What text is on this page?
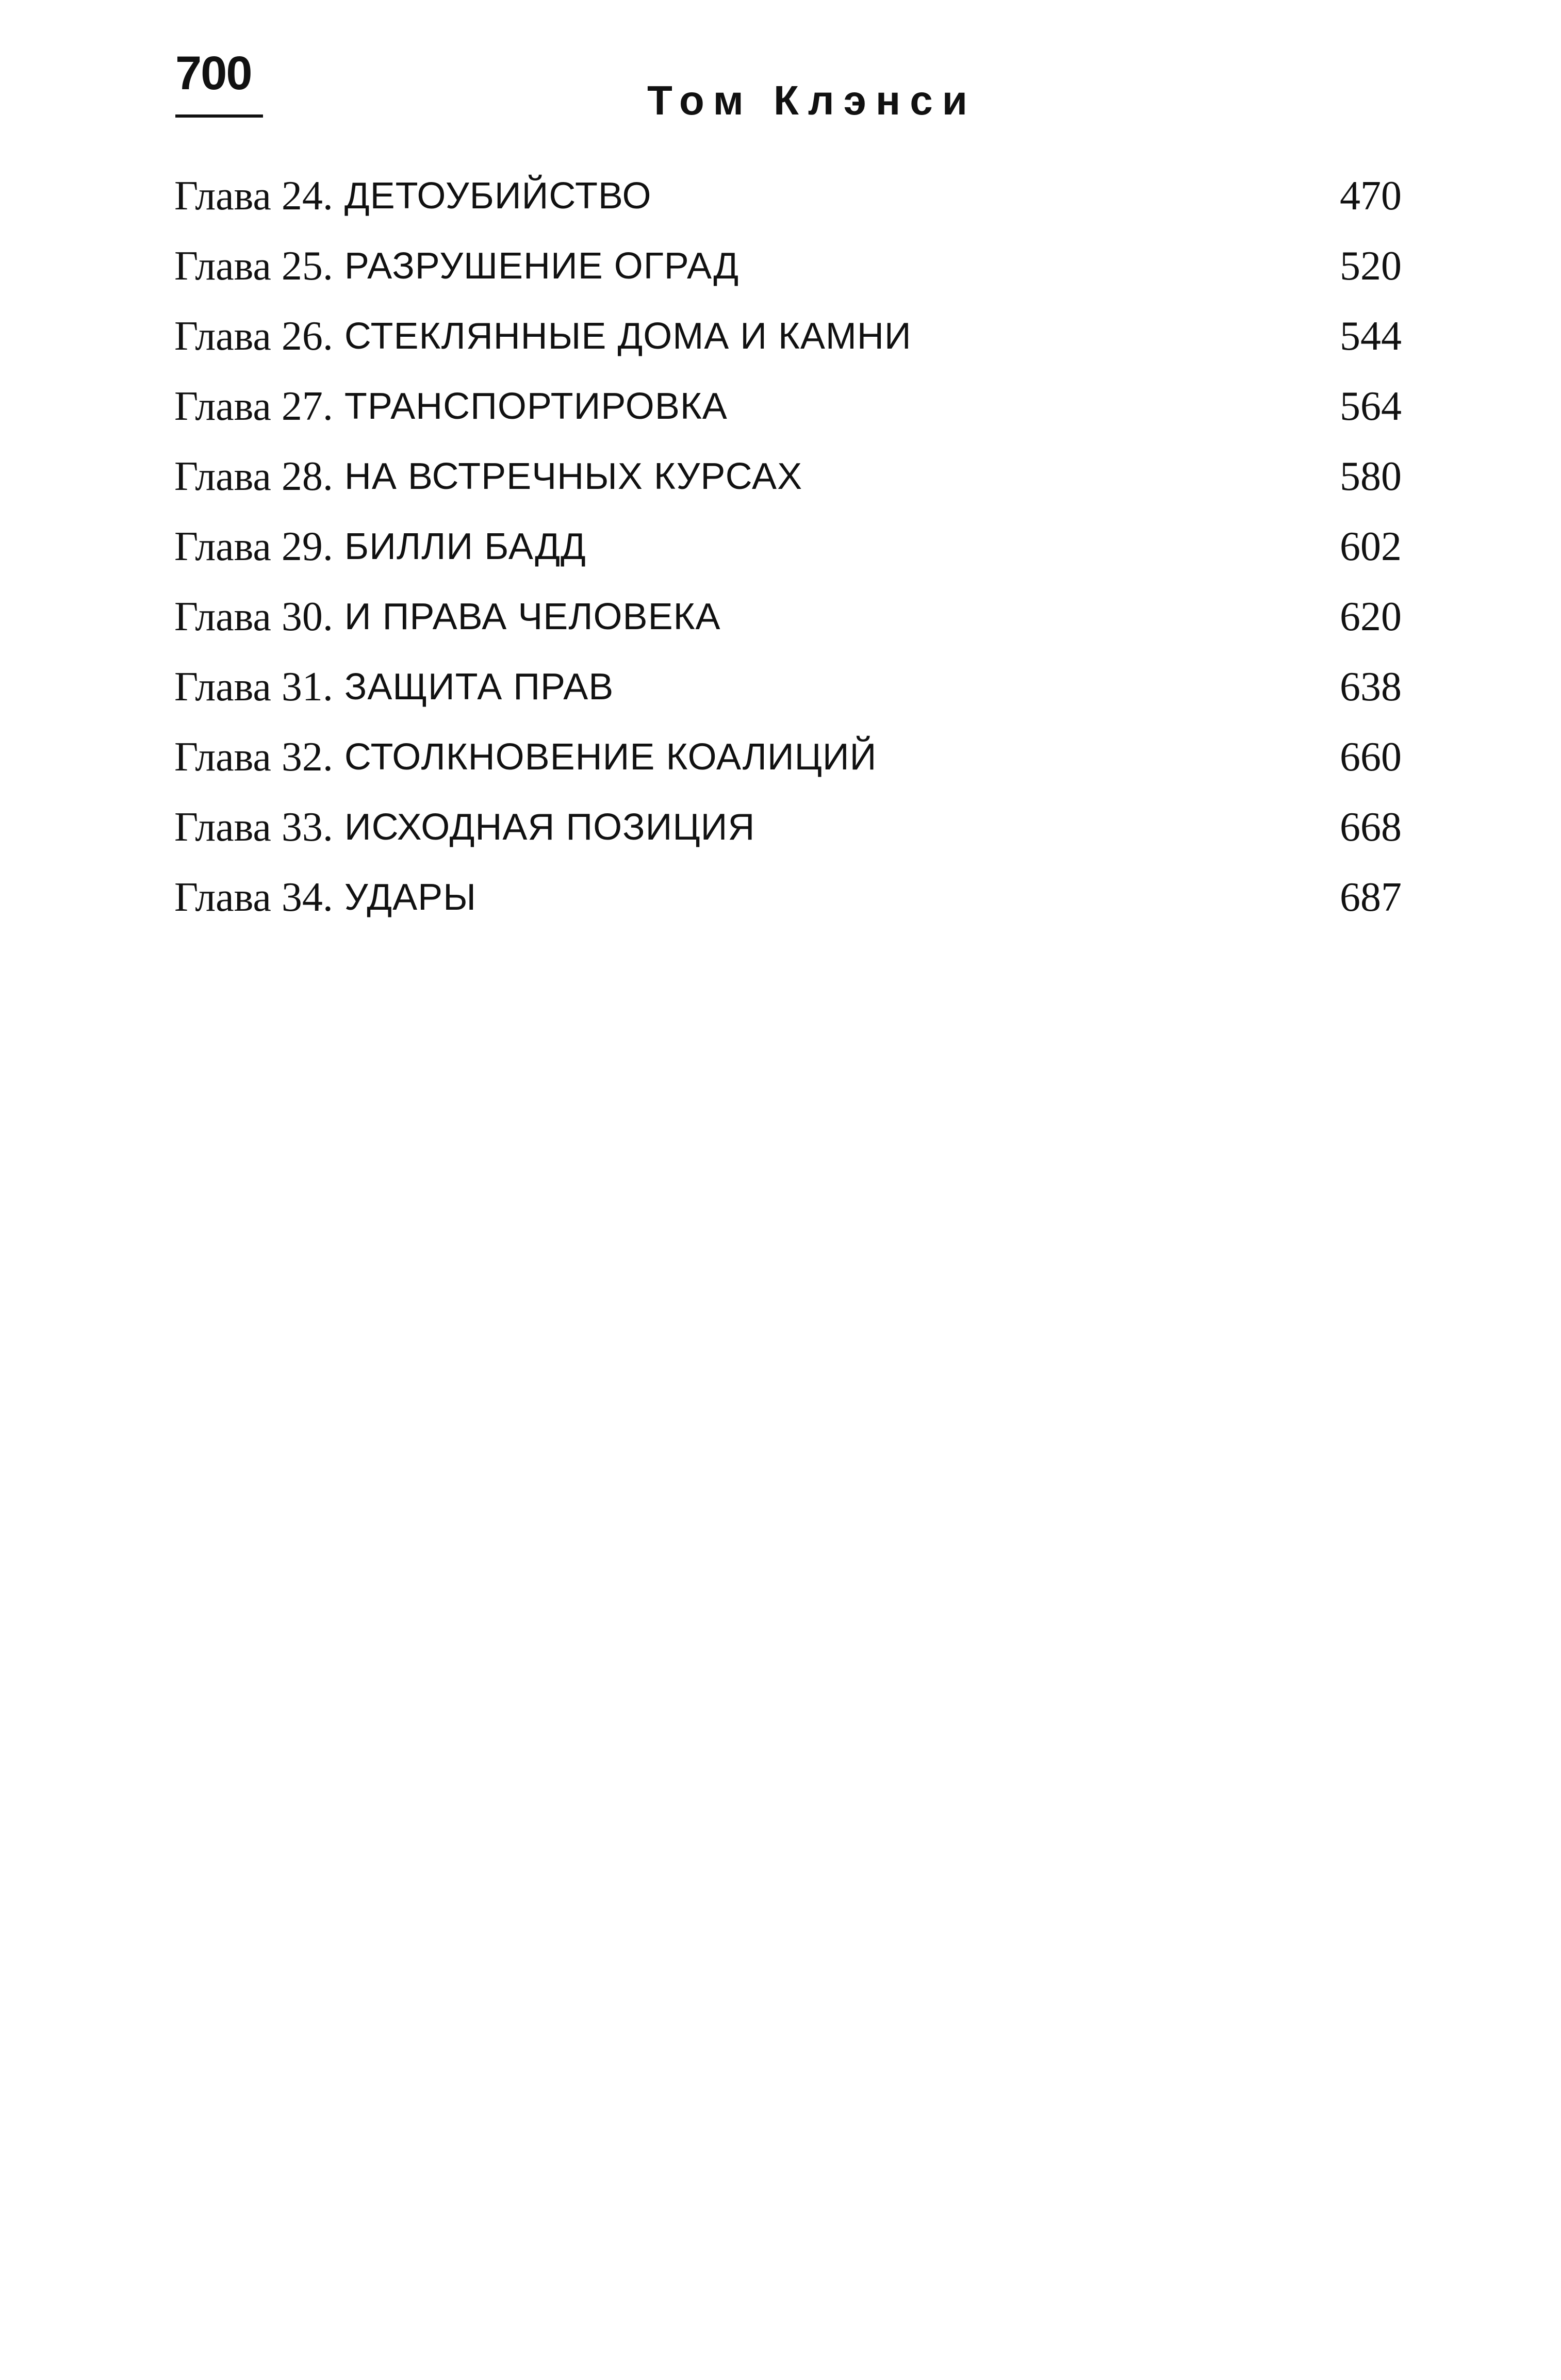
700
Том Клэнси
Глава 24. ДЕТОУБИЙСТВО	470
Глава 25. РАЗРУШЕНИЕ ОГРАД	520
Глава 26. СТЕКЛЯННЫЕ ДОМА И КАМНИ	544
Глава 27. ТРАНСПОРТИРОВКА	564
Глава 28. НА ВСТРЕЧНЫХ КУРСАХ	580
Глава 29. БИЛЛИ БАДД	602
Глава 30. И ПРАВА ЧЕЛОВЕКА	620
Глава 31. ЗАЩИТА ПРАВ	638
Глава 32. СТОЛКНОВЕНИЕ КОАЛИЦИЙ	660
Глава 33. ИСХОДНАЯ ПОЗИЦИЯ	668
Глава 34. УДАРЫ	687
